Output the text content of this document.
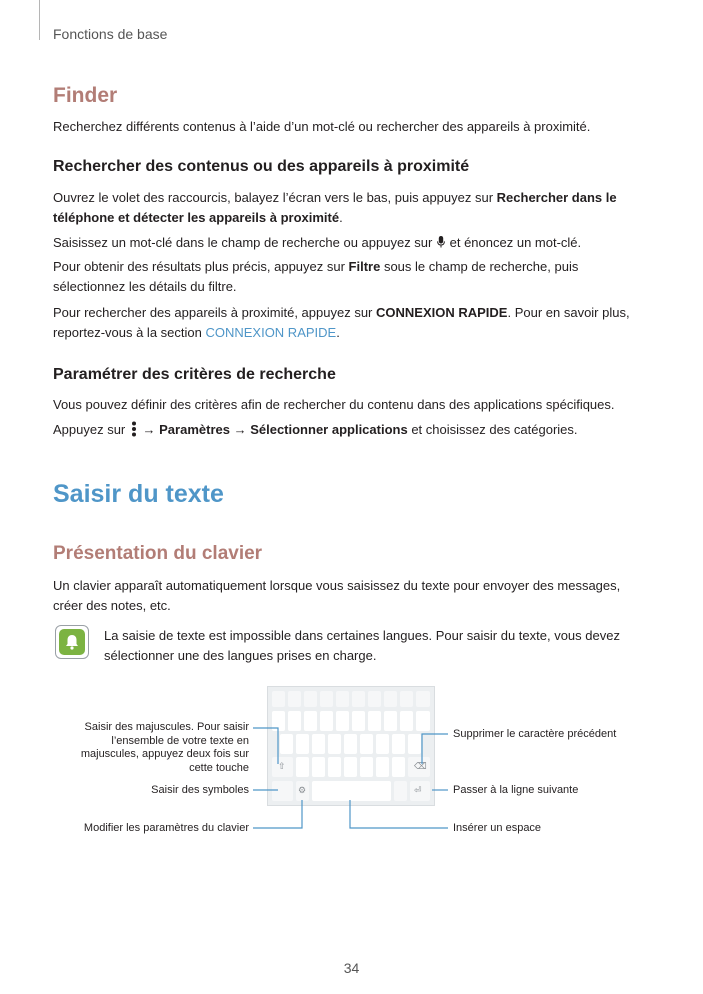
Fonctions de base
Finder
Recherchez différents contenus à l’aide d’un mot-clé ou rechercher des appareils à proximité.
Rechercher des contenus ou des appareils à proximité
Ouvrez le volet des raccourcis, balayez l’écran vers le bas, puis appuyez sur Rechercher dans le téléphone et détecter les appareils à proximité.
Saisissez un mot-clé dans le champ de recherche ou appuyez sur et énoncez un mot-clé.
Pour obtenir des résultats plus précis, appuyez sur Filtre sous le champ de recherche, puis sélectionnez les détails du filtre.
Pour rechercher des appareils à proximité, appuyez sur CONNEXION RAPIDE. Pour en savoir plus, reportez-vous à la section CONNEXION RAPIDE.
Paramétrer des critères de recherche
Vous pouvez définir des critères afin de rechercher du contenu dans des applications spécifiques.
Appuyez sur → Paramètres → Sélectionner applications et choisissez des catégories.
Saisir du texte
Présentation du clavier
Un clavier apparaît automatiquement lorsque vous saisissez du texte pour envoyer des messages, créer des notes, etc.
La saisie de texte est impossible dans certaines langues. Pour saisir du texte, vous devez sélectionner une des langues prises en charge.
⇧	⌫
⚙	⏎
Saisir des majuscules. Pour saisir l’ensemble de votre texte en majuscules, appuyez deux fois sur cette touche
Saisir des symboles
Modifier les paramètres du clavier
Supprimer le caractère précédent
Passer à la ligne suivante
Insérer un espace
34
